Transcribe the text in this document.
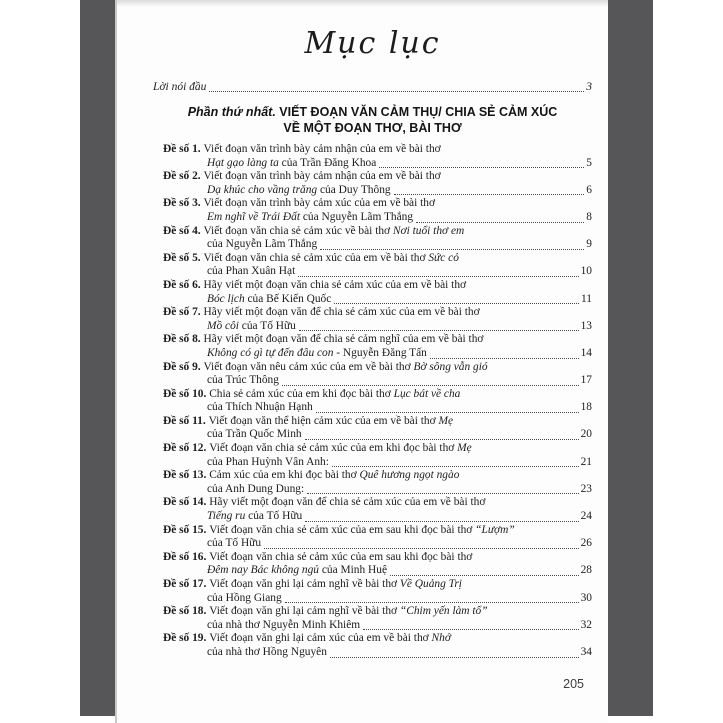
Mục lục
Lời nói đầu	3
Phần thứ nhất. VIẾT ĐOẠN VĂN CẢM THỤ/ CHIA SẺ CẢM XÚC
VỀ MỘT ĐOẠN THƠ, BÀI THƠ
Đề số 1. Viết đoạn văn trình bày cảm nhận của em về bài thơ
Hạt gạo làng ta của Trần Đăng Khoa	5
Đề số 2. Viết đoạn văn trình bày cảm nhận của em về bài thơ
Dạ khúc cho vầng trăng của Duy Thông	6
Đề số 3. Viết đoạn văn trình bày cảm xúc của em về bài thơ
Em nghĩ về Trái Đất của Nguyễn Lãm Thắng	8
Đề số 4. Viết đoạn văn chia sẻ cảm xúc về bài thơ Nơi tuổi thơ em
của Nguyễn Lãm Thắng	9
Đề số 5. Viết đoạn văn chia sẻ cảm xúc của em về bài thơ Sức cỏ
của Phan Xuân Hạt	10
Đề số 6. Hãy viết một đoạn văn chia sẻ cảm xúc của em về bài thơ
Bóc lịch của Bế Kiến Quốc	11
Đề số 7. Hãy viết một đoạn văn để chia sẻ cảm xúc của em về bài thơ
Mồ côi của Tố Hữu	13
Đề số 8. Hãy viết một đoạn văn để chia sẻ cảm nghĩ của em về bài thơ
Không có gì tự đến đâu con - Nguyễn Đăng Tấn	14
Đề số 9. Viết đoạn văn nêu cảm xúc của em về bài thơ Bờ sông vẫn gió
của Trúc Thông	17
Đề số 10. Chia sẻ cảm xúc của em khi đọc bài thơ Lục bát về cha
của Thích Nhuận Hạnh	18
Đề số 11. Viết đoạn văn thể hiện cảm xúc của em về bài thơ Mẹ
của Trần Quốc Minh	20
Đề số 12. Viết đoạn văn chia sẻ cảm xúc của em khi đọc bài thơ Mẹ
của Phan Huỳnh Vân Anh:	21
Đề số 13. Cảm xúc của em khi đọc bài thơ Quê hương ngọt ngào
của Anh Dung Dung:	23
Đề số 14. Hãy viết một đoạn văn để chia sẻ cảm xúc của em về bài thơ
Tiếng ru của Tố Hữu	24
Đề số 15. Viết đoạn văn chia sẻ cảm xúc của em sau khi đọc bài thơ “Lượm”
của Tố Hữu	26
Đề số 16. Viết đoạn văn chia sẻ cảm xúc của em sau khi đọc bài thơ
Đêm nay Bác không ngủ của Minh Huệ	28
Đề số 17. Viết đoạn văn ghi lại cảm nghĩ về bài thơ Về Quảng Trị
của Hồng Giang	30
Đề số 18. Viết đoạn văn ghi lại cảm nghĩ về bài thơ “Chim yến làm tổ”
của nhà thơ Nguyễn Minh Khiêm	32
Đề số 19. Viết đoạn văn ghi lại cảm xúc của em về bài thơ Nhớ
của nhà thơ Hồng Nguyên	34
205
